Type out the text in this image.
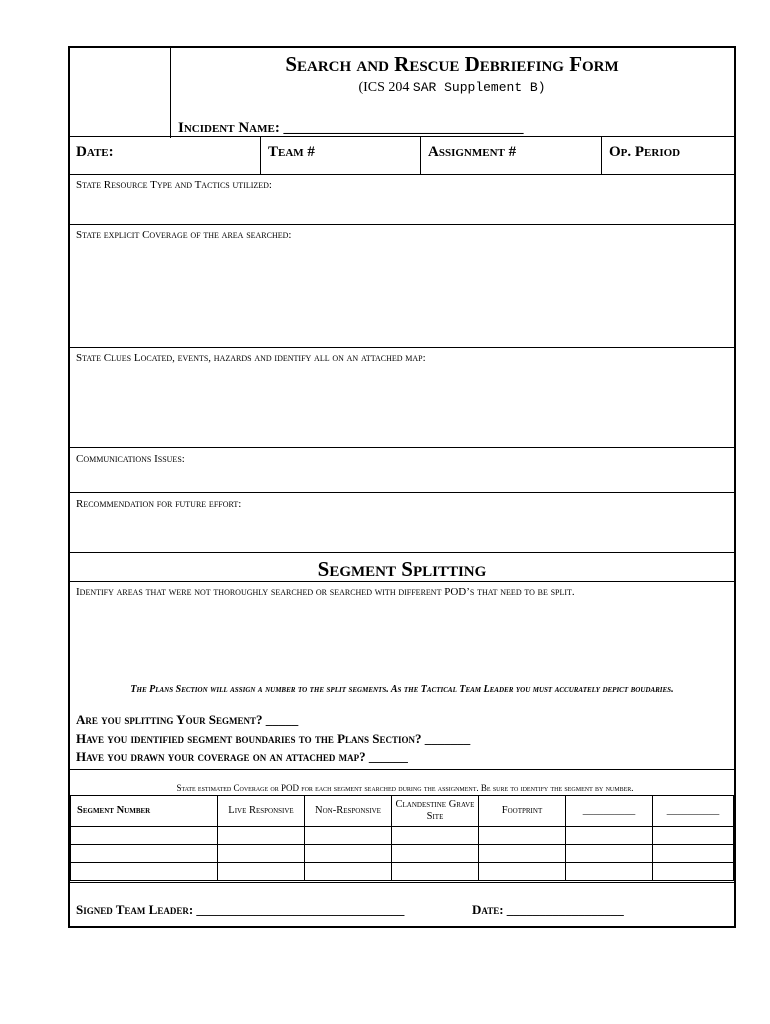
Search and Rescue Debriefing Form
(ICS 204 SAR Supplement B)
Incident Name: ________________________________
Date:	Team #	Assignment #	Op. Period
State Resource Type and Tactics utilized:
State explicit Coverage of the area searched:
State Clues Located, events, hazards and identify all on an attached map:
Communications Issues:
Recommendation for future effort:
Segment Splitting
Identify areas that were not thoroughly searched or searched with different POD’s that need to be split.
The Plans Section will assign a number to the split segments. As the Tactical Team Leader you must accurately depict boudaries.
Are you splitting Your Segment? _____
Have you identified segment boundaries to the Plans Section? _______
Have you drawn your coverage on an attached map? ______
State estimated Coverage or POD for each segment searched during the assignment. Be sure to identify the segment by number.
Segment Number	Live Responsive	Non-Responsive	Clandestine Grave Site	Footprint	__________	__________

Signed Team Leader: ________________________________	Date: __________________
